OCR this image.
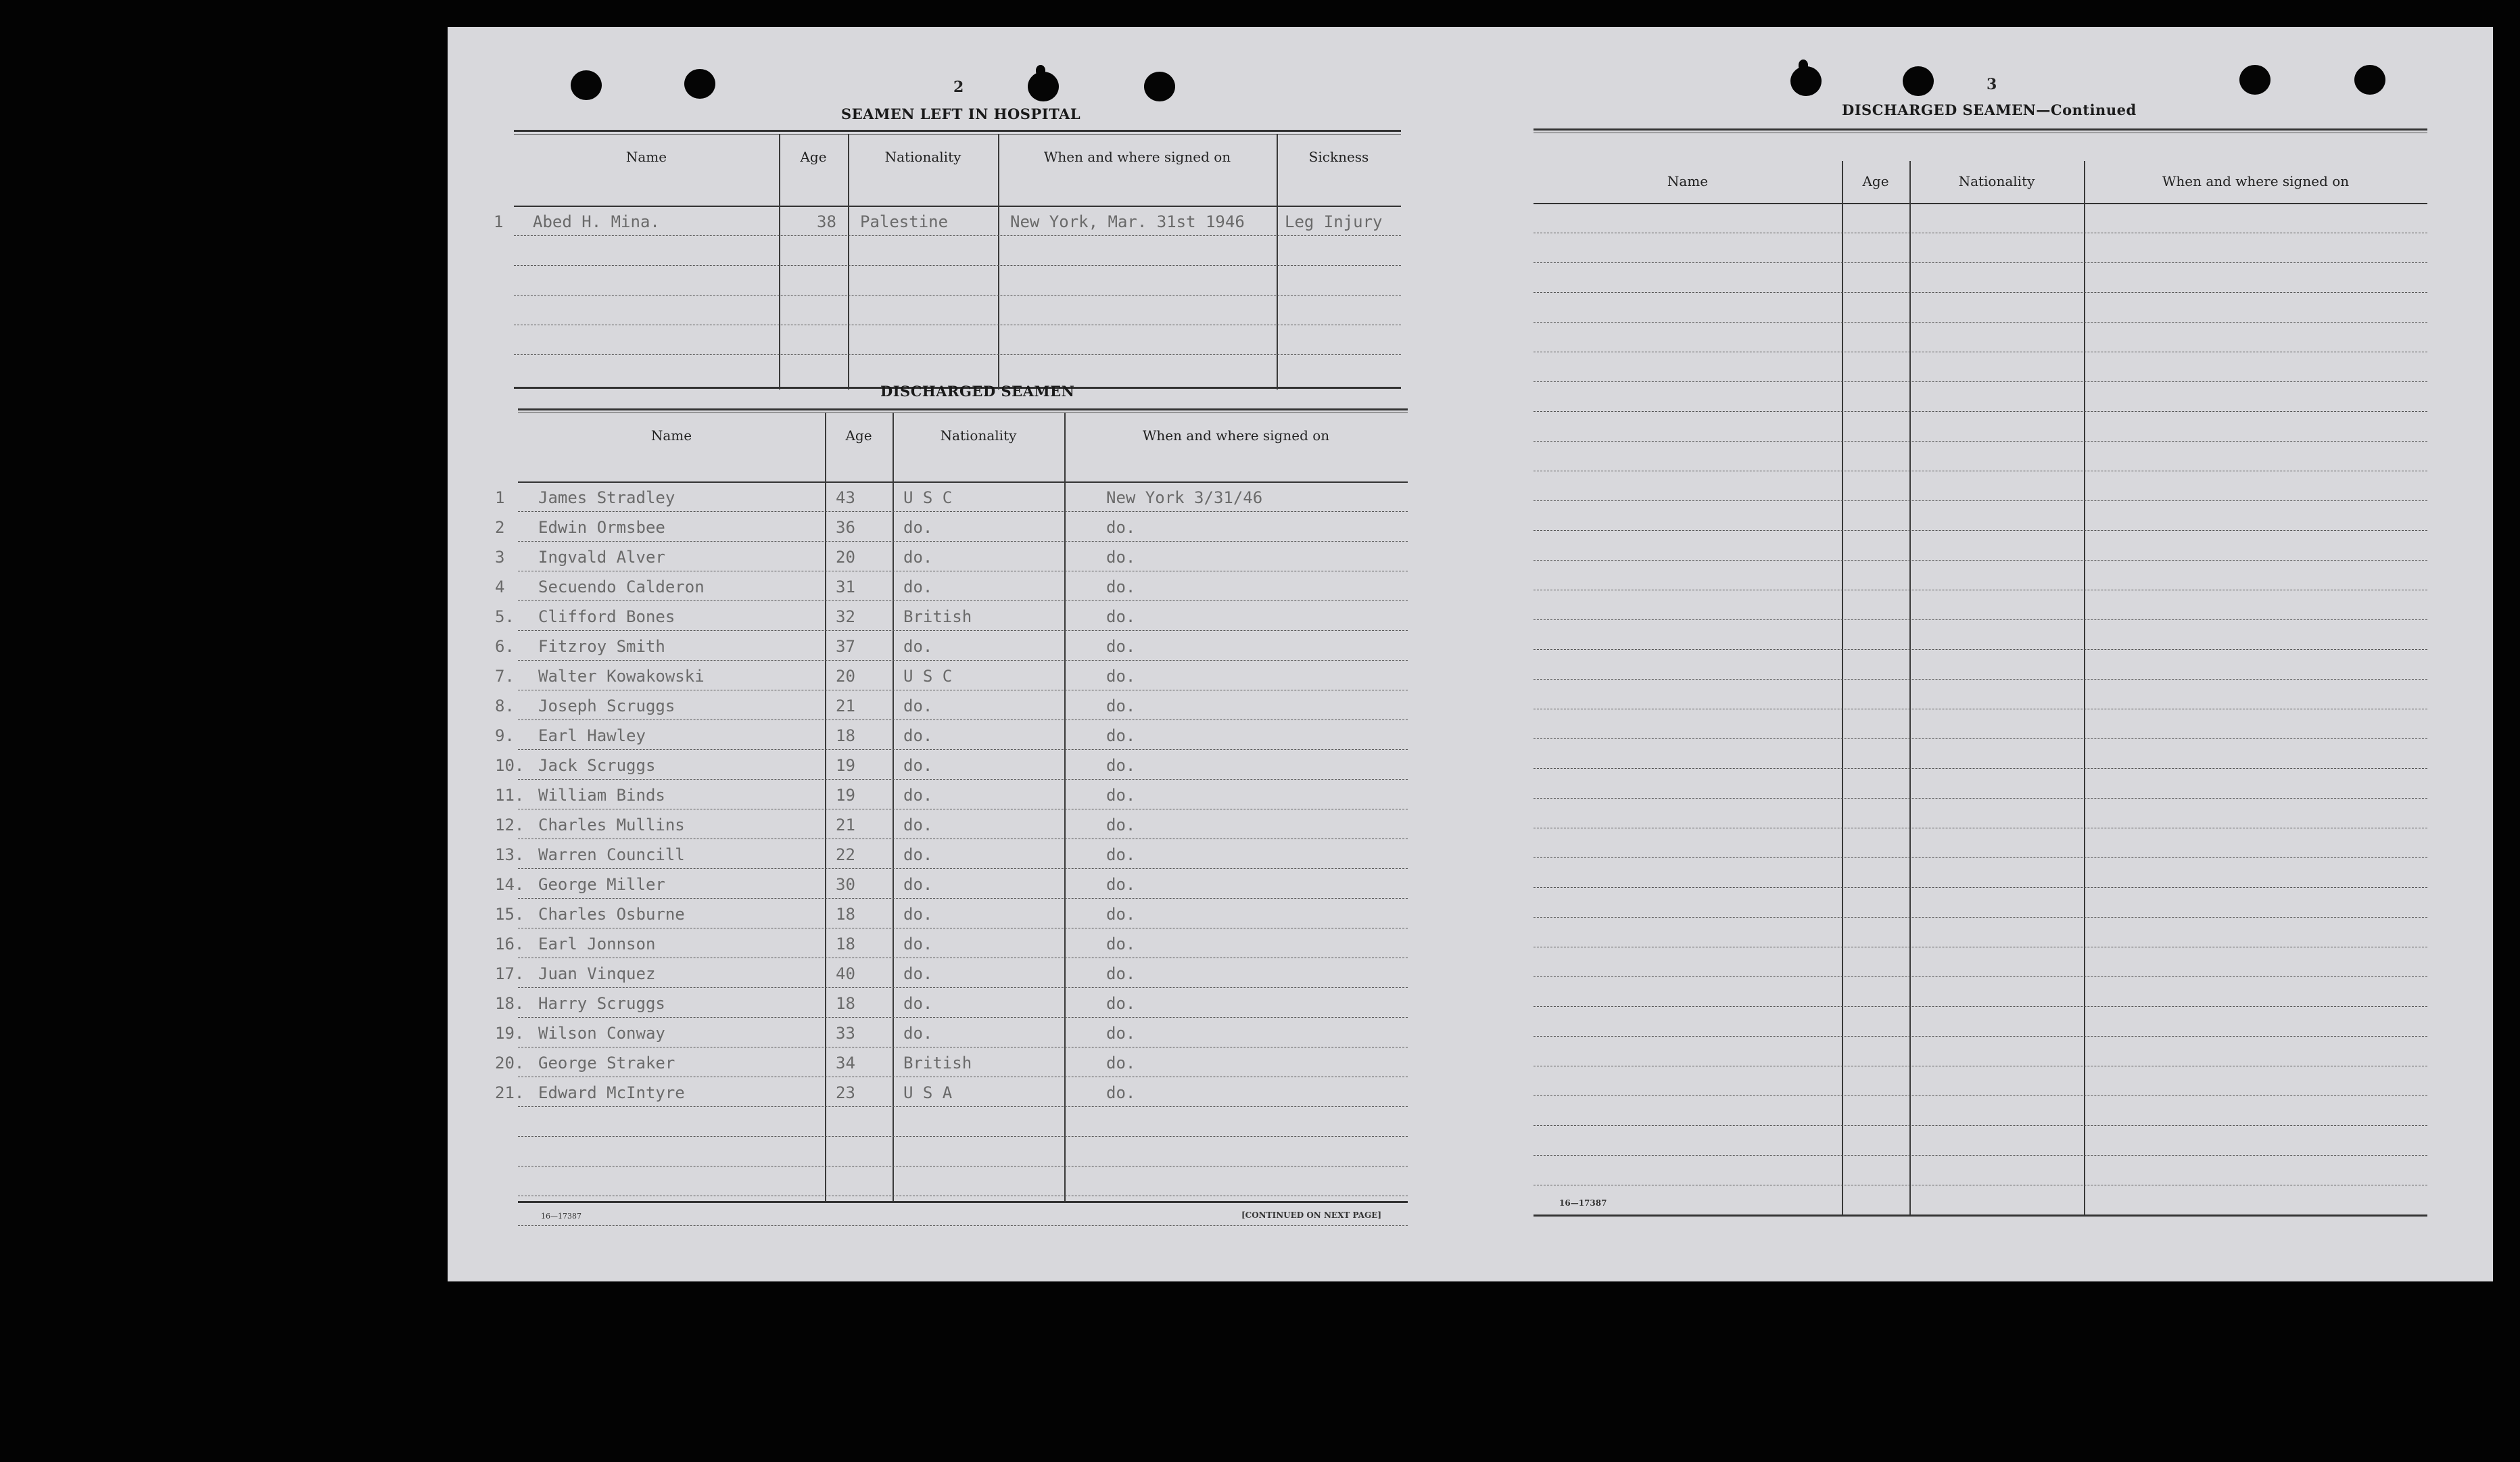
2
SEAMEN LEFT IN HOSPITAL
Name	Age	Nationality	When and where signed on	Sickness
1 Abed H. Mina.	38	Palestine	New York, Mar. 31st 1946	Leg Injury
DISCHARGED SEAMEN
Name	Age	Nationality	When and where signed on
1 James Stradley	43	U S C	New York 3/31/46
2 Edwin Ormsbee	36	do.	do.
3 Ingvald Alver	20	do.	do.
4 Secuendo Calderon	31	do.	do.
5. Clifford Bones	32	British	do.
6. Fitzroy Smith	37	do.	do.
7. Walter Kowakowski	20	U S C	do.
8. Joseph Scruggs	21	do.	do.
9. Earl Hawley	18	do.	do.
10. Jack Scruggs	19	do.	do.
11. William Binds	19	do.	do.
12. Charles Mullins	21	do.	do.
13. Warren Councill	22	do.	do.
14. George Miller	30	do.	do.
15. Charles Osburne	18	do.	do.
16. Earl Jonnson	18	do.	do.
17. Juan Vinquez	40	do.	do.
18. Harry Scruggs	18	do.	do.
19. Wilson Conway	33	do.	do.
20. George Straker	34	British	do.
21. Edward McIntyre	23	U S A	do.
16—17387	[CONTINUED ON NEXT PAGE]
3
DISCHARGED SEAMEN—Continued
Name	Age	Nationality	When and where signed on
16—17387
